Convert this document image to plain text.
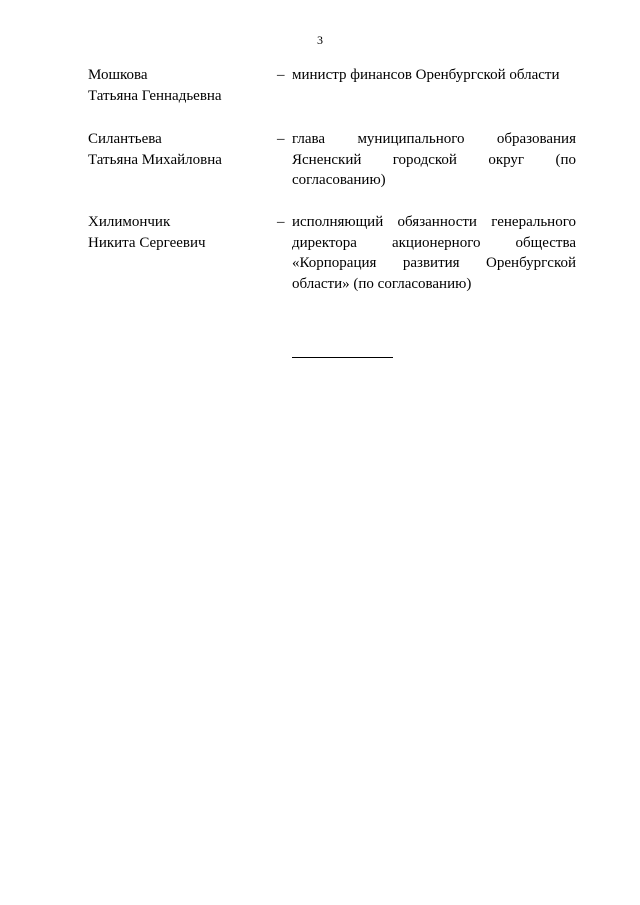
3
Мошкова
Татьяна Геннадьевна
– министр финансов Оренбургской области
Силантьева
Татьяна Михайловна
– глава муниципального образования Ясненский городской округ (по согласованию)
Хилимончик
Никита Сергеевич
– исполняющий обязанности генерального директора акционерного общества «Корпорация развития Оренбургской области» (по согласованию)
